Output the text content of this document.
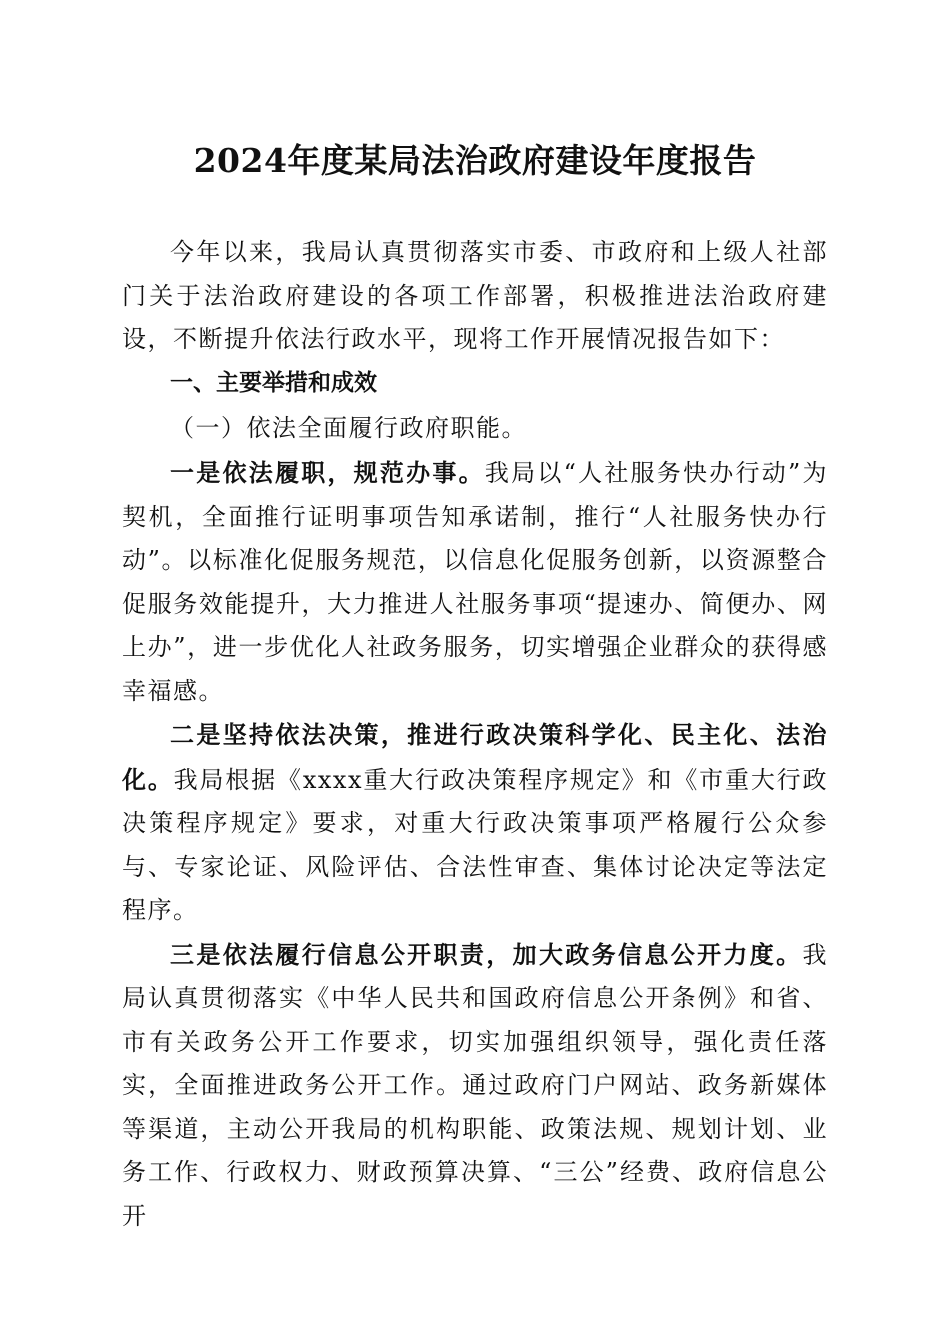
2024年度某局法治政府建设年度报告

今年以来，我局认真贯彻落实市委、市政府和上级人社部门关于法治政府建设的各项工作部署，积极推进法治政府建设，不断提升依法行政水平，现将工作开展情况报告如下：

一、主要举措和成效

（一）依法全面履行政府职能。

一是依法履职，规范办事。我局以“人社服务快办行动”为契机，全面推行证明事项告知承诺制，推行“人社服务快办行动”。以标准化促服务规范，以信息化促服务创新，以资源整合促服务效能提升，大力推进人社服务事项“提速办、简便办、网上办”，进一步优化人社政务服务，切实增强企业群众的获得感幸福感。

二是坚持依法决策，推进行政决策科学化、民主化、法治化。我局根据《xxxx重大行政决策程序规定》和《市重大行政决策程序规定》要求，对重大行政决策事项严格履行公众参与、专家论证、风险评估、合法性审查、集体讨论决定等法定程序。

三是依法履行信息公开职责，加大政务信息公开力度。我局认真贯彻落实《中华人民共和国政府信息公开条例》和省、市有关政务公开工作要求，切实加强组织领导，强化责任落实，全面推进政务公开工作。通过政府门户网站、政务新媒体等渠道，主动公开我局的机构职能、政策法规、规划计划、业务工作、行政权力、财政预算决算、“三公”经费、政府信息公开
